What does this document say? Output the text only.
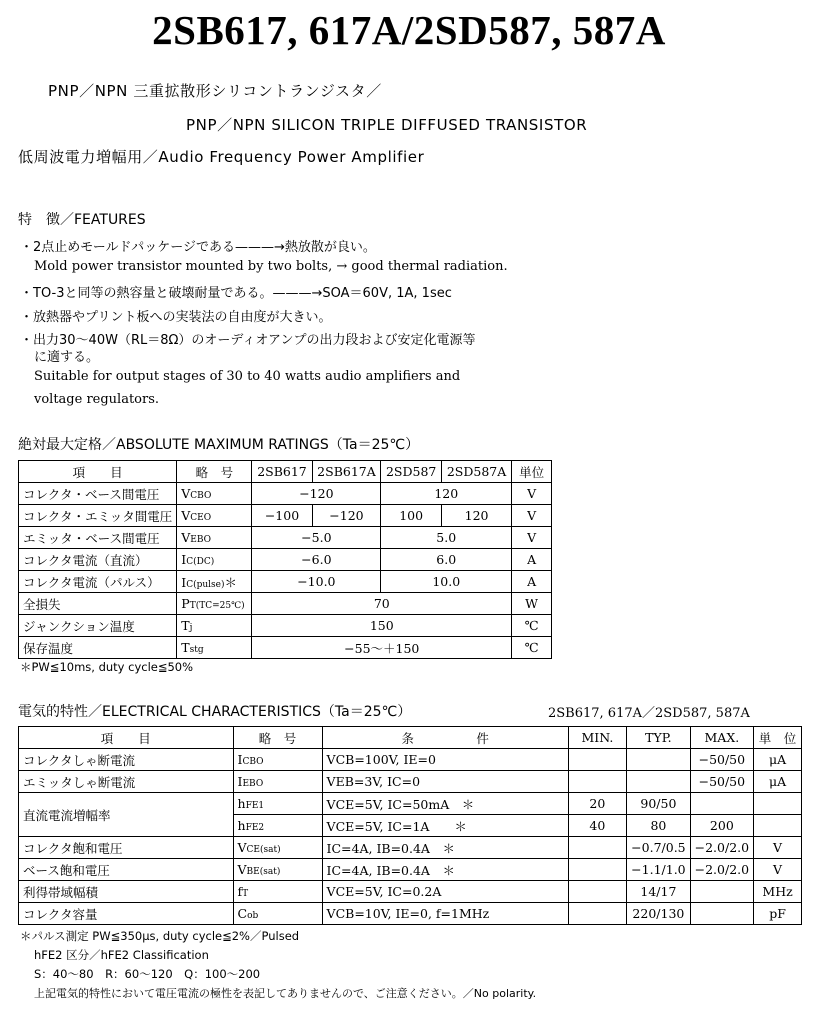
2SB617, 617A/2SD587, 587A
PNP／NPN 三重拡散形シリコントランジスタ／
PNP／NPN SILICON TRIPLE DIFFUSED TRANSISTOR
低周波電力増幅用／Audio Frequency Power Amplifier
特　徴／FEATURES
・2点止めモールドパッケージである———→熱放散が良い。
Mold power transistor mounted by two bolts, → good thermal radiation.
・TO-3と同等の熱容量と破壊耐量である。———→SOA＝60V, 1A, 1sec
・放熱器やプリント板への実装法の自由度が大きい。
・出力30～40W（RL＝8Ω）のオーディオアンプの出力段および安定化電源等
に適する。
Suitable for output stages of 30 to 40 watts audio amplifiers and
voltage regulators.
絶対最大定格／ABSOLUTE MAXIMUM RATINGS（Ta＝25℃）
項　　目	略　号	2SB617	2SB617A	2SD587	2SD587A	単位
コレクタ・ベース間電圧	VCBO	−120		120		V
コレクタ・エミッタ間電圧	VCEO	−100	−120	100	120	V
エミッタ・ベース間電圧	VEBO	−5.0		5.0		V
コレクタ電流（直流）	IC(DC)	−6.0		6.0		A
コレクタ電流（パルス）	IC(pulse)＊	−10.0		10.0		A
全損失	PT(TC=25℃)	70				W
ジャンクション温度	Tj	150				℃
保存温度	Tstg	−55～＋150				℃
＊PW≦10ms, duty cycle≦50%
電気的特性／ELECTRICAL CHARACTERISTICS（Ta＝25℃）	2SB617, 617A／2SD587, 587A
項　　目	略　号	条　　　　　件	MIN.	TYP.	MAX.	単　位
コレクタしゃ断電流	ICBO	VCB=100V, IE=0			−50/50	μA
エミッタしゃ断電流	IEBO	VEB=3V, IC=0			−50/50	μA
直流電流増幅率	hFE1	VCE=5V, IC=50mA　＊	20	90/50		
	hFE2	VCE=5V, IC=1A　　＊	40	80	200	
コレクタ飽和電圧	VCE(sat)	IC=4A, IB=0.4A　＊		−0.7/0.5	−2.0/2.0	V
ベース飽和電圧	VBE(sat)	IC=4A, IB=0.4A　＊		−1.1/1.0	−2.0/2.0	V
利得帯域幅積	fT	VCE=5V, IC=0.2A		14/17		MHz
コレクタ容量	Cob	VCB=10V, IE=0, f=1MHz		220/130		pF
＊パルス測定 PW≦350μs, duty cycle≦2%／Pulsed
hFE2 区分／hFE2 Classification
S：40～80　R：60～120　Q：100～200
上記電気的特性において電圧電流の極性を表記してありませんので、ご注意ください。／No polarity.
